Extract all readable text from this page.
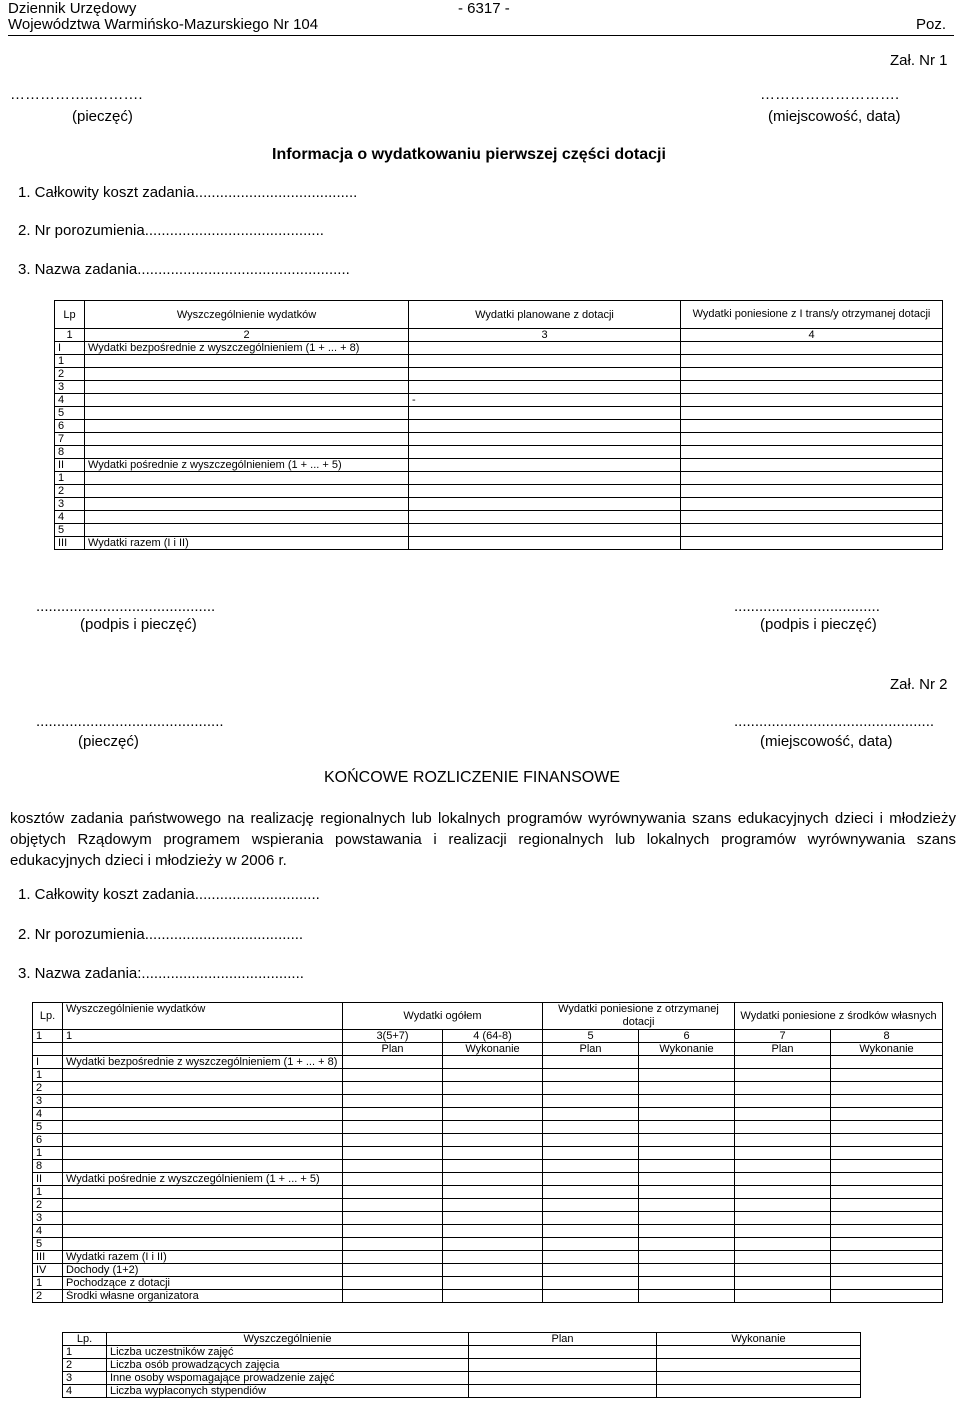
Dziennik Urzędowy
Województwa Warmińsko-Mazurskiego Nr 104
- 6317 -
Poz.
Zał. Nr 1
……………..……….
(pieczęć)
……………………….
(miejscowość, data)
Informacja o wydatkowaniu pierwszej części dotacji
1. Całkowity koszt zadania.......................................
2. Nr porozumienia...........................................
3. Nazwa zadania...................................................
Lp	Wyszczególnienie wydatków	Wydatki planowane z dotacji	Wydatki poniesione z I trans/y otrzymanej dotacji
1	2	3	4
I	Wydatki bezpośrednie z wyszczególnieniem (1 + ... + 8)		
1			
2			
3			
4		-	
5			
6			
7			
8			
II	Wydatki pośrednie z wyszczególnieniem (1 + ... + 5)		
1			
2			
3			
4			
5			
III	Wydatki razem (I i II)		
...........................................
(podpis i pieczęć)
...................................
(podpis i pieczęć)
Zał. Nr 2
.............................................
(pieczęć)
................................................
(miejscowość, data)
KOŃCOWE ROZLICZENIE FINANSOWE
kosztów zadania państwowego na realizację regionalnych lub lokalnych programów wyrównywania szans edukacyjnych dzieci i młodzieży objętych Rządowym programem wspierania powstawania i realizacji regionalnych lub lokalnych programów wyrównywania szans edukacyjnych dzieci i młodzieży w 2006 r.
1. Całkowity koszt zadania..............................
2. Nr porozumienia......................................
3. Nazwa zadania:.......................................
Lp.	Wyszczególnienie wydatków	Wydatki ogółem		Wydatki poniesione z otrzymanej dotacji		Wydatki poniesione z środków własnych	
1	1	3(5+7)	4 (64-8)	5	6	7	8
		Plan	Wykonanie	Plan	Wykonanie	Plan	Wykonanie
I	Wydatki bezpośrednie z wyszczególnieniem (1 + ... + 8)						
1							
2							
3							
4							
5							
6							
1							
8							
II	Wydatki pośrednie z wyszczególnieniem (1 + ... + 5)						
1							
2							
3							
4							
5							
III	Wydatki razem (I i II)						
IV	Dochody (1+2)						
1	Pochodzące z dotacji						
2	Środki własne organizatora						
Lp.	Wyszczególnienie	Plan	Wykonanie
1	Liczba uczestników zajęć		
2	Liczba osób prowadzących zajęcia		
3	Inne osoby wspomagające prowadzenie zajęć		
4	Liczba wypłaconych stypendiów		
